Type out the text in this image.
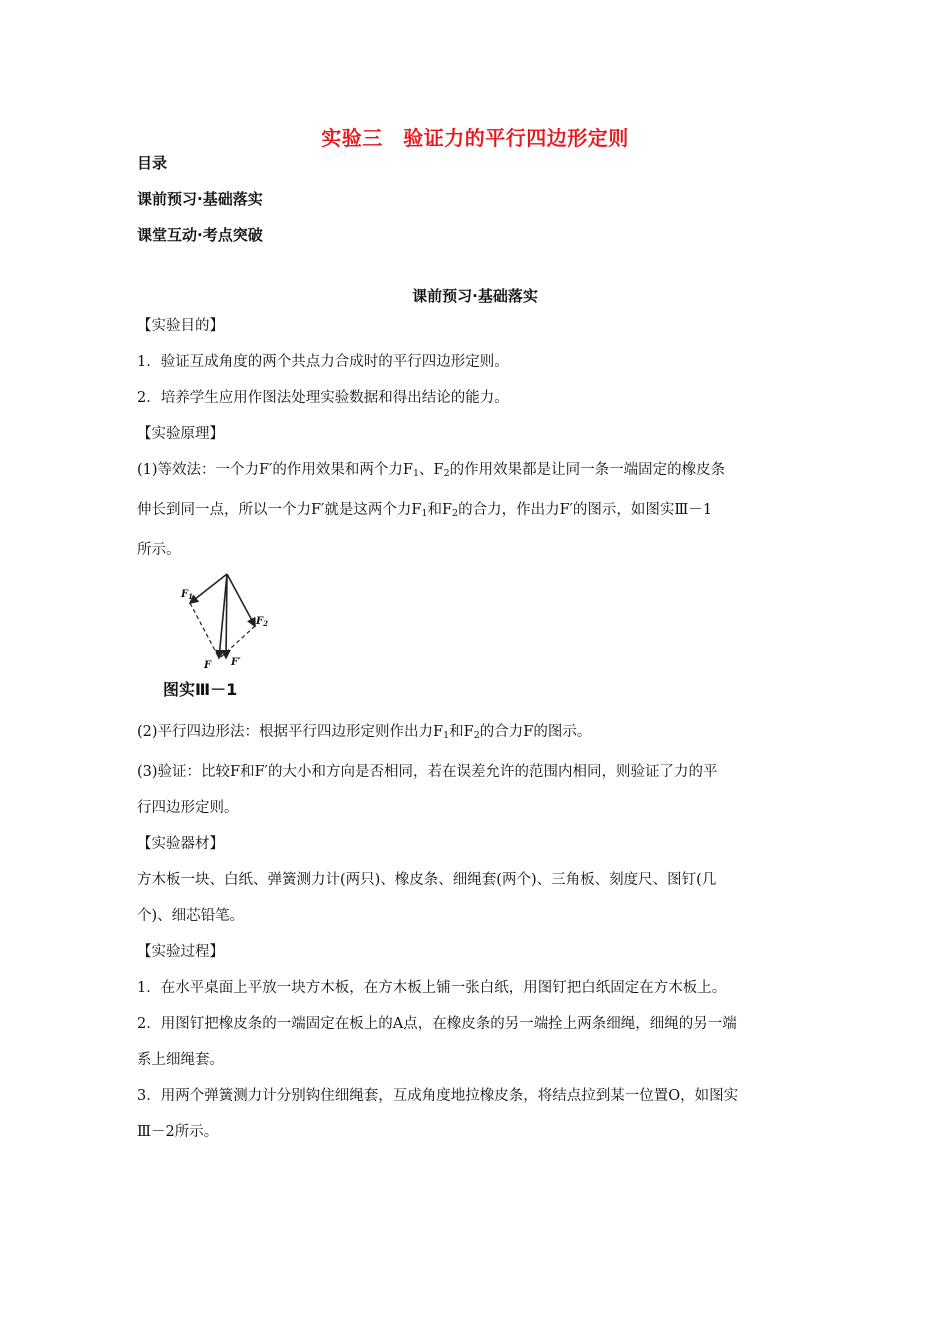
实验三　验证力的平行四边形定则
目录
课前预习·基础落实
课堂互动·考点突破
课前预习·基础落实
【实验目的】
1．验证互成角度的两个共点力合成时的平行四边形定则。
2．培养学生应用作图法处理实验数据和得出结论的能力。
【实验原理】
(1)等效法：一个力F′的作用效果和两个力$F_1$、$F_2$的作用效果都是让同一条一端固定的橡皮条
伸长到同一点，所以一个力F′就是这两个力$F_1$和$F_2$的合力，作出力F′的图示，如图实Ⅲ－1
所示。
$F_1$
$F_2$
F F′
图实Ⅲ－1
(2)平行四边形法：根据平行四边形定则作出力$F_1$和$F_2$的合力F的图示。
(3)验证：比较F和F′的大小和方向是否相同，若在误差允许的范围内相同，则验证了力的平
行四边形定则。
【实验器材】
方木板一块、白纸、弹簧测力计(两只)、橡皮条、细绳套(两个)、三角板、刻度尺、图钉(几
个)、细芯铅笔。
【实验过程】
1．在水平桌面上平放一块方木板，在方木板上铺一张白纸，用图钉把白纸固定在方木板上。
2．用图钉把橡皮条的一端固定在板上的A点，在橡皮条的另一端拴上两条细绳，细绳的另一端
系上细绳套。
3．用两个弹簧测力计分别钩住细绳套，互成角度地拉橡皮条，将结点拉到某一位置O，如图实
Ⅲ－2所示。
